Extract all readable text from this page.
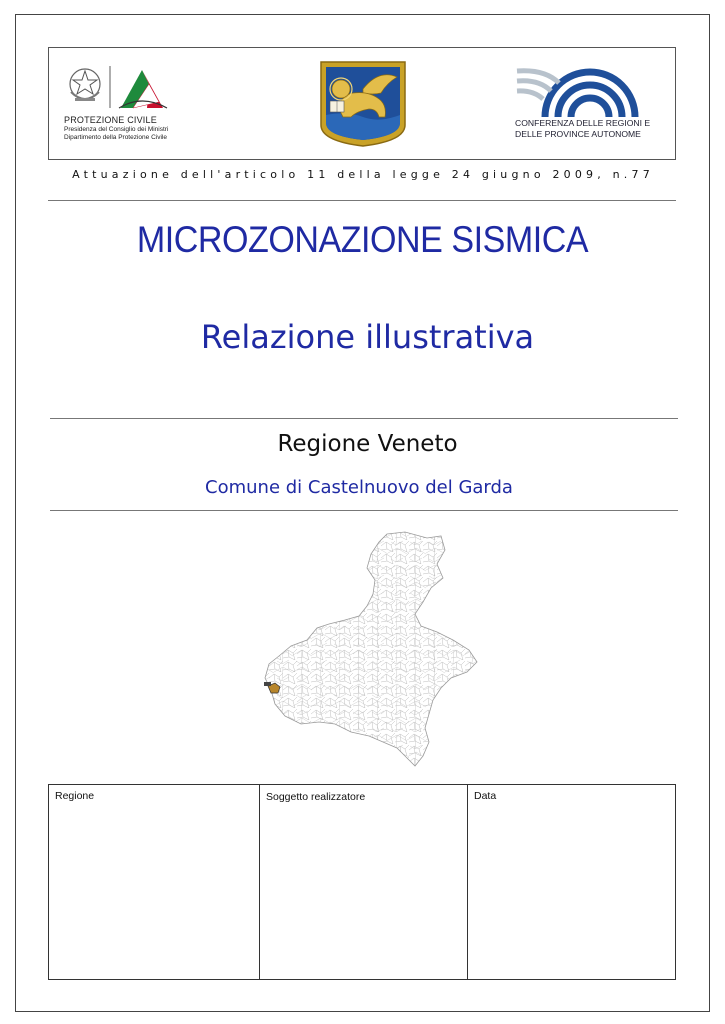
PROTEZIONE CIVILE
Presidenza del Consiglio dei Ministri
Dipartimento della Protezione Civile
CONFERENZA DELLE REGIONI E
DELLE PROVINCE AUTONOME
Attuazione dell'articolo 11 della legge 24 giugno 2009, n.77
MICROZONAZIONE SISMICA
Relazione illustrativa
Regione Veneto
Comune di Castelnuovo del Garda
Regione	Soggetto realizzatore	Data
